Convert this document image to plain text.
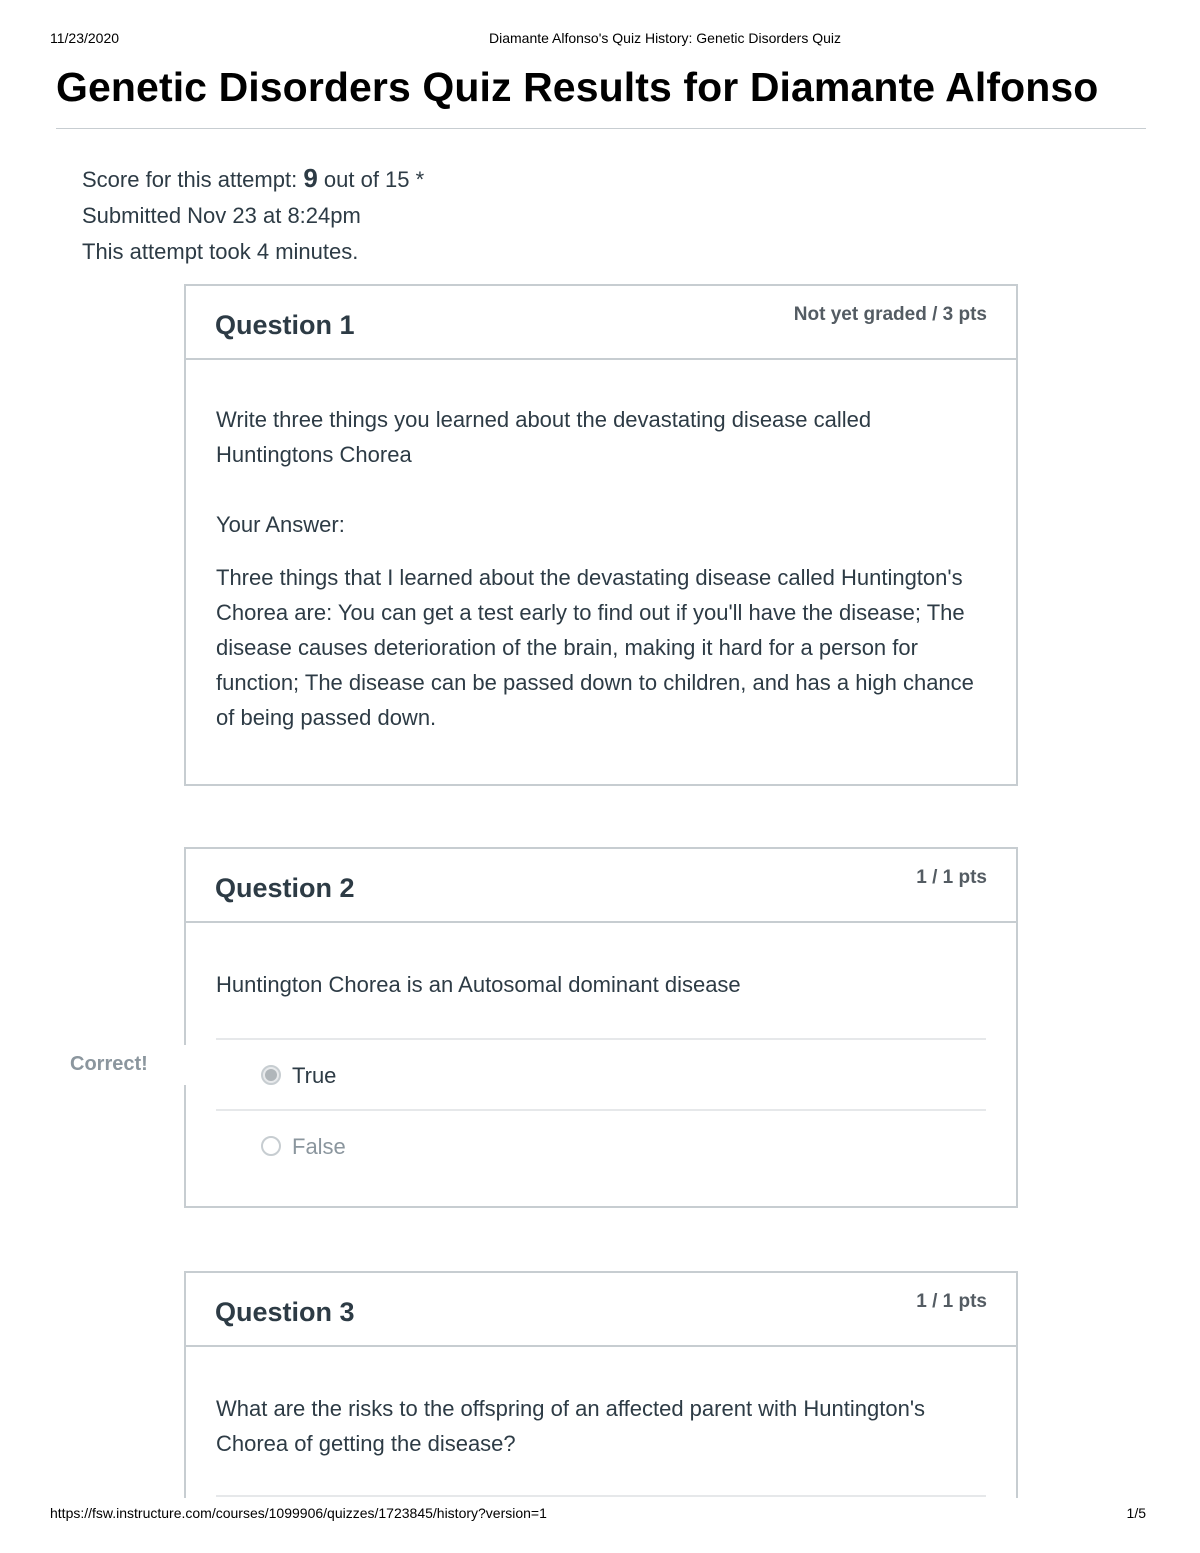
11/23/2020	Diamante Alfonso's Quiz History: Genetic Disorders Quiz
Genetic Disorders Quiz Results for Diamante Alfonso
Score for this attempt: 9 out of 15 *
Submitted Nov 23 at 8:24pm
This attempt took 4 minutes.
Question 1	Not yet graded / 3 pts
Write three things you learned about the devastating disease called Huntingtons Chorea
Your Answer:
Three things that I learned about the devastating disease called Huntington's Chorea are: You can get a test early to find out if you'll have the disease; The disease causes deterioration of the brain, making it hard for a person for function; The disease can be passed down to children, and has a high chance of being passed down.
Question 2	1 / 1 pts
Huntington Chorea is an Autosomal dominant disease
True
False
Correct!
Question 3	1 / 1 pts
What are the risks to the offspring of an affected parent with Huntington's Chorea of getting the disease?
https://fsw.instructure.com/courses/1099906/quizzes/1723845/history?version=1	1/5
